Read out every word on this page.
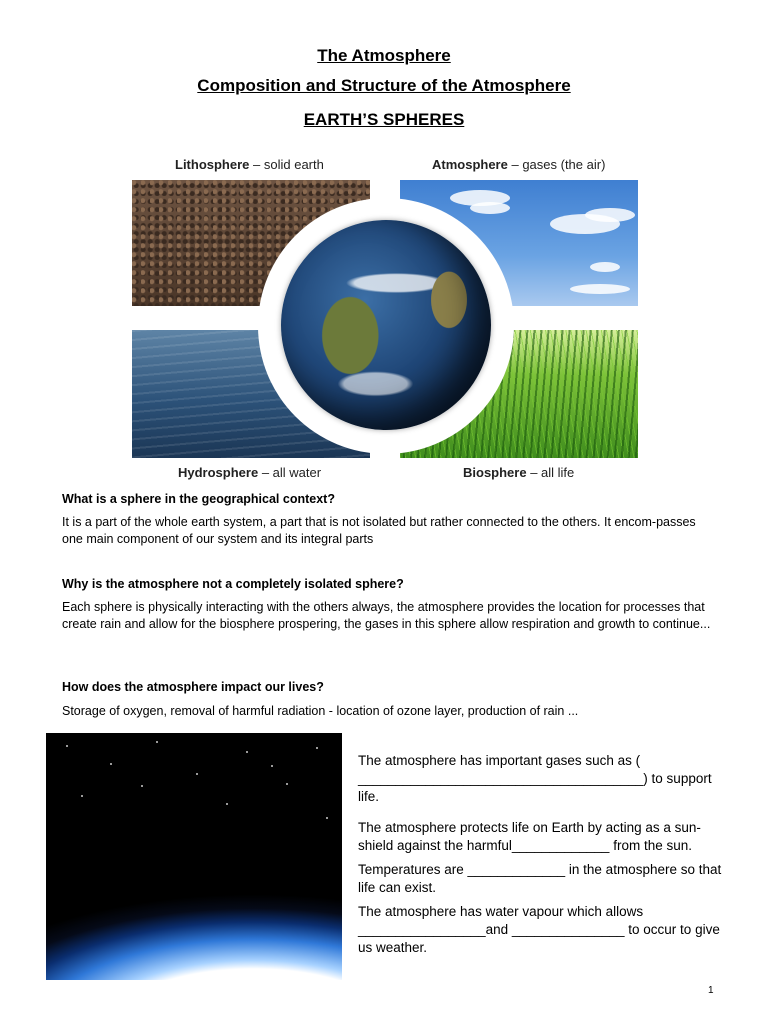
The Atmosphere
Composition and Structure of the Atmosphere
EARTH’S SPHERES
Lithosphere – solid earth	Atmosphere – gases (the air)
Hydrosphere – all water	Biosphere – all life
What is a sphere in the geographical context?
It is a part of the whole earth system, a part that is not isolated but rather connected to the others. It encom-passes one main component of our system and its integral parts
Why is the atmosphere not a completely isolated sphere?
Each sphere is physically interacting with the others always, the atmosphere provides the location for processes that create rain and allow for the biosphere prospering, the gases in this sphere allow respiration and growth to continue...
How does the atmosphere impact our lives?
Storage of oxygen, removal of harmful radiation - location of ozone layer, production of rain ...
The atmosphere has important gases such as ( ______________________________________) to support life.
The atmosphere protects life on Earth by acting as a sun-shield against the harmful_____________ from the sun.
Temperatures are _____________ in the atmosphere so that life can exist.
The atmosphere has water vapour which allows _________________and _______________ to occur to give us weather.
1
